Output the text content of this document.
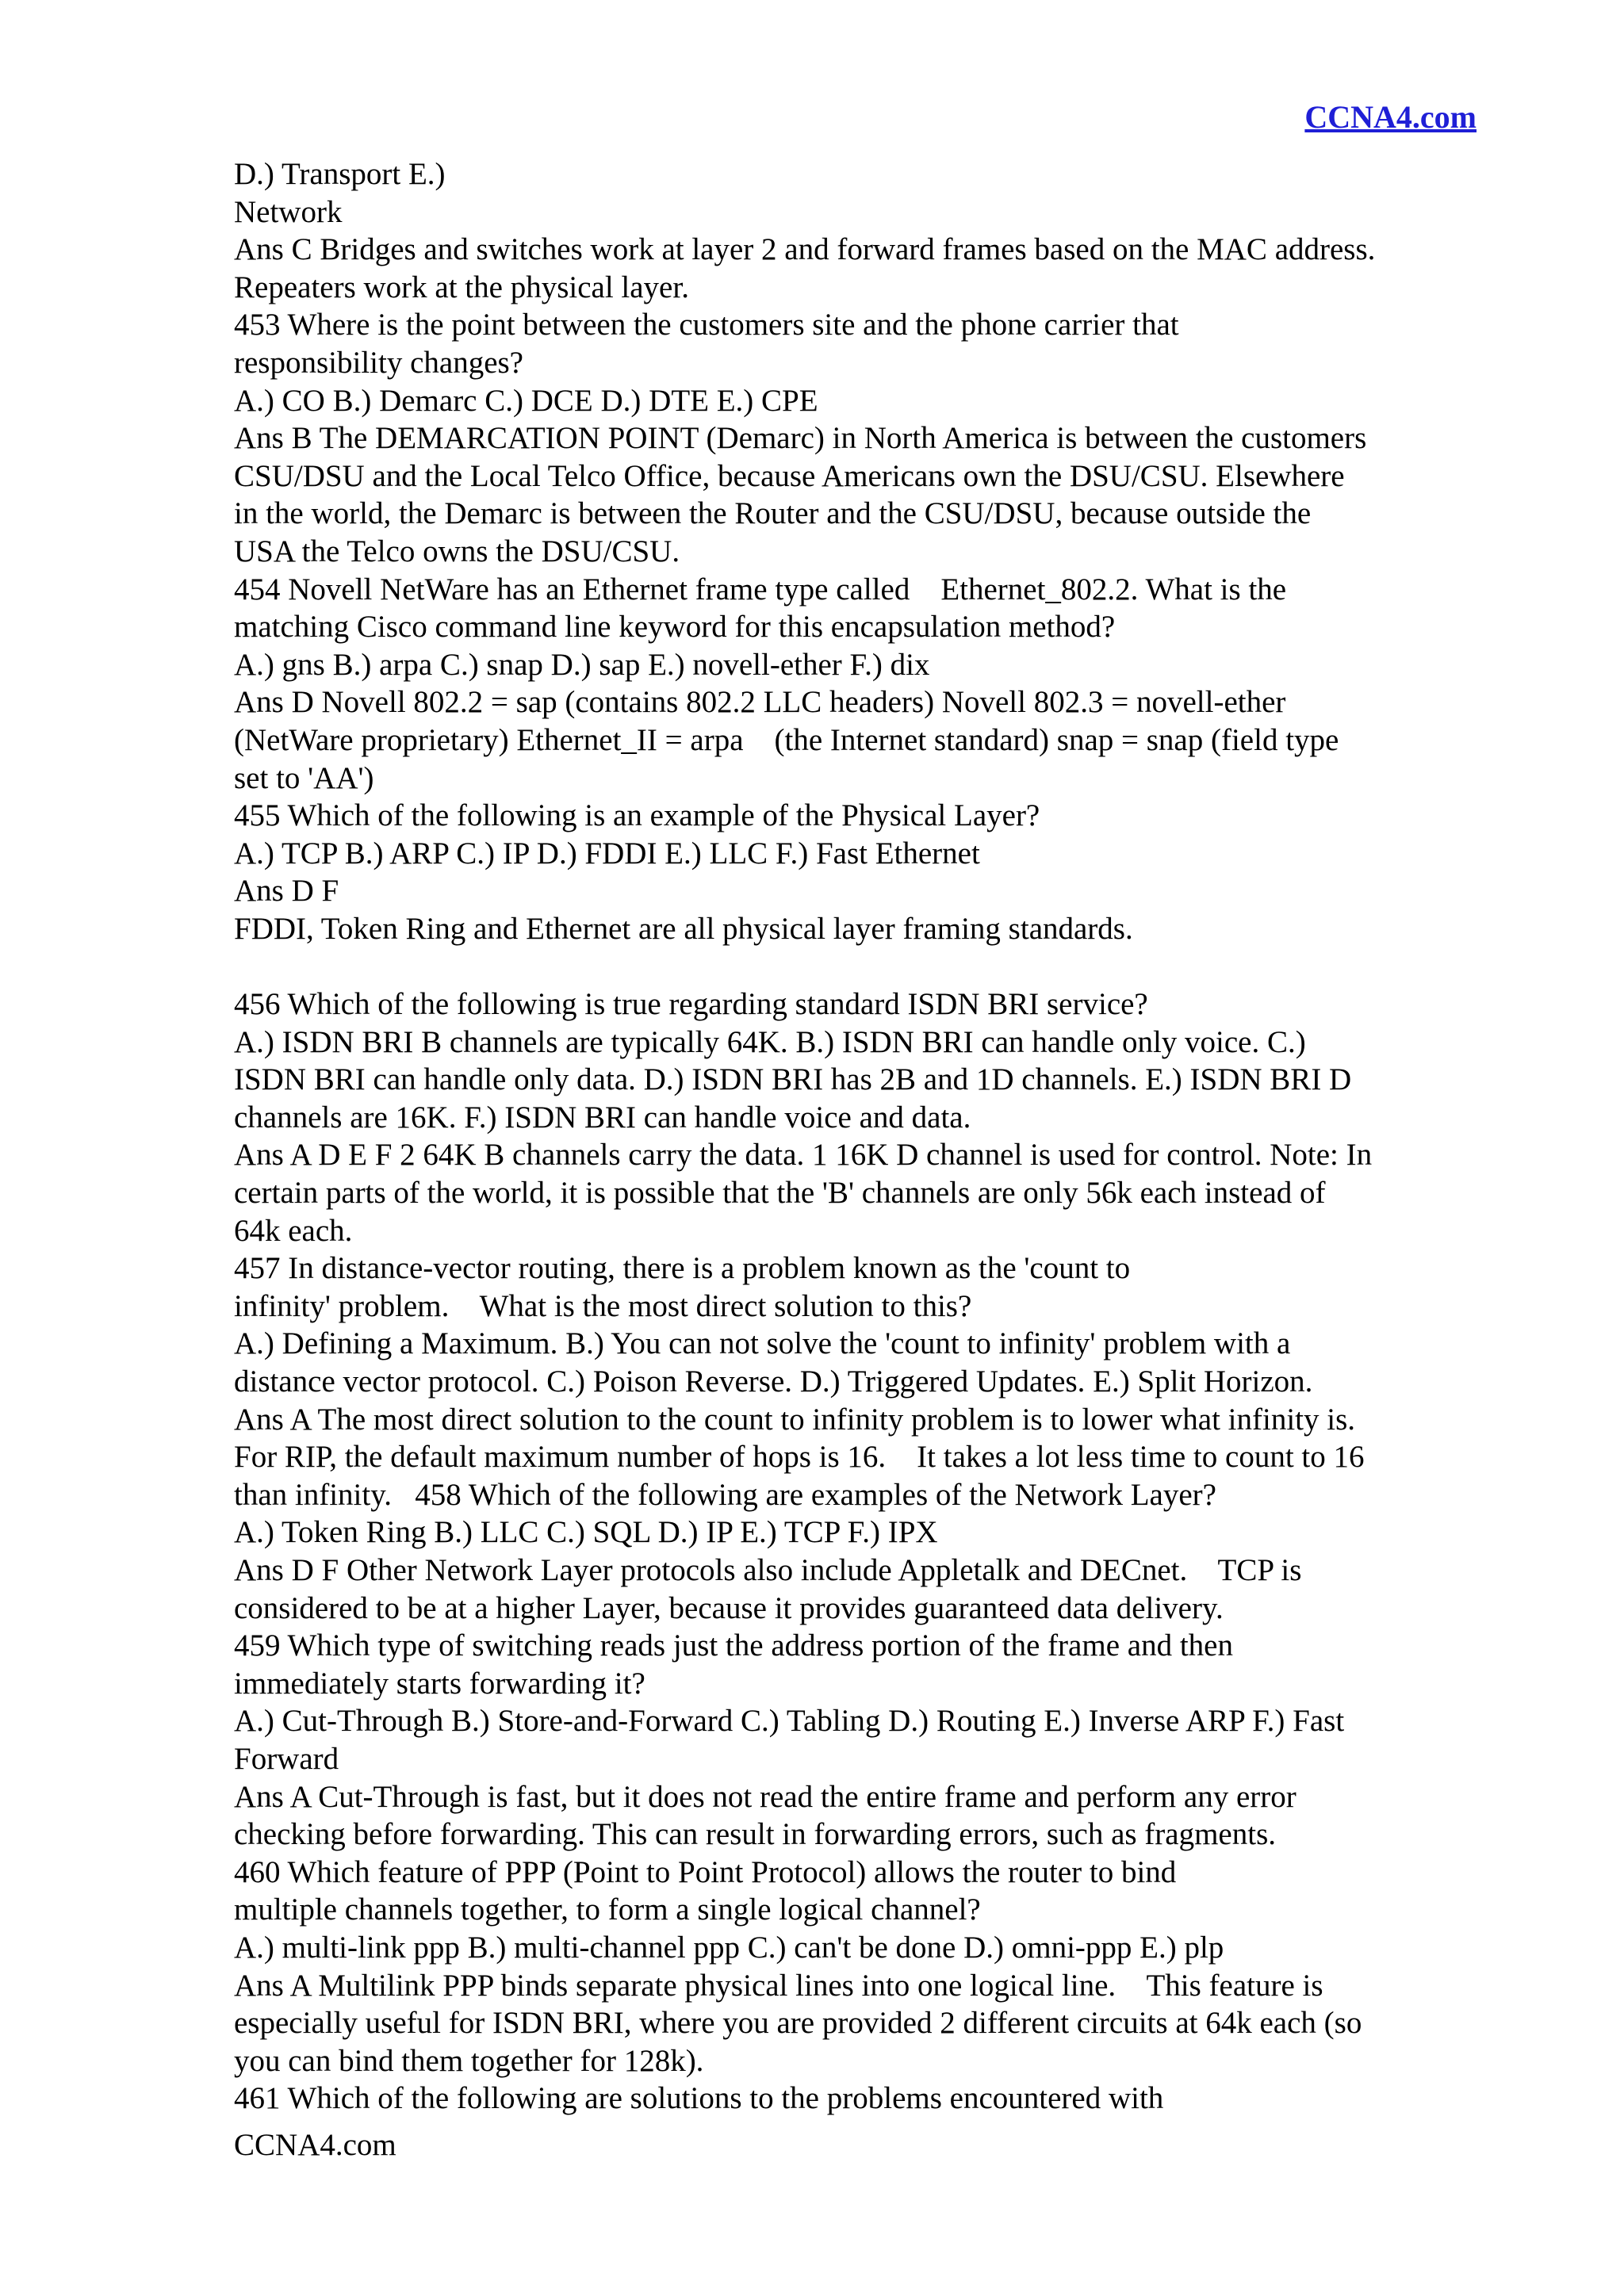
CCNA4.com
D.) Transport E.)
Network
Ans C Bridges and switches work at layer 2 and forward frames based on the MAC address.
Repeaters work at the physical layer.
453 Where is the point between the customers site and the phone carrier that
responsibility changes?
A.) CO B.) Demarc C.) DCE D.) DTE E.) CPE
Ans B The DEMARCATION POINT (Demarc) in North America is between the customers
CSU/DSU and the Local Telco Office, because Americans own the DSU/CSU. Elsewhere
in the world, the Demarc is between the Router and the CSU/DSU, because outside the
USA the Telco owns the DSU/CSU.
454 Novell NetWare has an Ethernet frame type called    Ethernet_802.2. What is the
matching Cisco command line keyword for this encapsulation method?
A.) gns B.) arpa C.) snap D.) sap E.) novell-ether F.) dix
Ans D Novell 802.2 = sap (contains 802.2 LLC headers) Novell 802.3 = novell-ether
(NetWare proprietary) Ethernet_II = arpa    (the Internet standard) snap = snap (field type
set to 'AA')
455 Which of the following is an example of the Physical Layer?
A.) TCP B.) ARP C.) IP D.) FDDI E.) LLC F.) Fast Ethernet
Ans D F
FDDI, Token Ring and Ethernet are all physical layer framing standards.
456 Which of the following is true regarding standard ISDN BRI service?
A.) ISDN BRI B channels are typically 64K. B.) ISDN BRI can handle only voice. C.)
ISDN BRI can handle only data. D.) ISDN BRI has 2B and 1D channels. E.) ISDN BRI D
channels are 16K. F.) ISDN BRI can handle voice and data.
Ans A D E F 2 64K B channels carry the data. 1 16K D channel is used for control. Note: In
certain parts of the world, it is possible that the 'B' channels are only 56k each instead of
64k each.
457 In distance-vector routing, there is a problem known as the 'count to
infinity' problem.    What is the most direct solution to this?
A.) Defining a Maximum. B.) You can not solve the 'count to infinity' problem with a
distance vector protocol. C.) Poison Reverse. D.) Triggered Updates. E.) Split Horizon.
Ans A The most direct solution to the count to infinity problem is to lower what infinity is.
For RIP, the default maximum number of hops is 16.    It takes a lot less time to count to 16
than infinity.   458 Which of the following are examples of the Network Layer?
A.) Token Ring B.) LLC C.) SQL D.) IP E.) TCP F.) IPX
Ans D F Other Network Layer protocols also include Appletalk and DECnet.    TCP is
considered to be at a higher Layer, because it provides guaranteed data delivery.
459 Which type of switching reads just the address portion of the frame and then
immediately starts forwarding it?
A.) Cut-Through B.) Store-and-Forward C.) Tabling D.) Routing E.) Inverse ARP F.) Fast
Forward
Ans A Cut-Through is fast, but it does not read the entire frame and perform any error
checking before forwarding. This can result in forwarding errors, such as fragments.
460 Which feature of PPP (Point to Point Protocol) allows the router to bind
multiple channels together, to form a single logical channel?
A.) multi-link ppp B.) multi-channel ppp C.) can't be done D.) omni-ppp E.) plp
Ans A Multilink PPP binds separate physical lines into one logical line.    This feature is
especially useful for ISDN BRI, where you are provided 2 different circuits at 64k each (so
you can bind them together for 128k).
461 Which of the following are solutions to the problems encountered with
CCNA4.com
